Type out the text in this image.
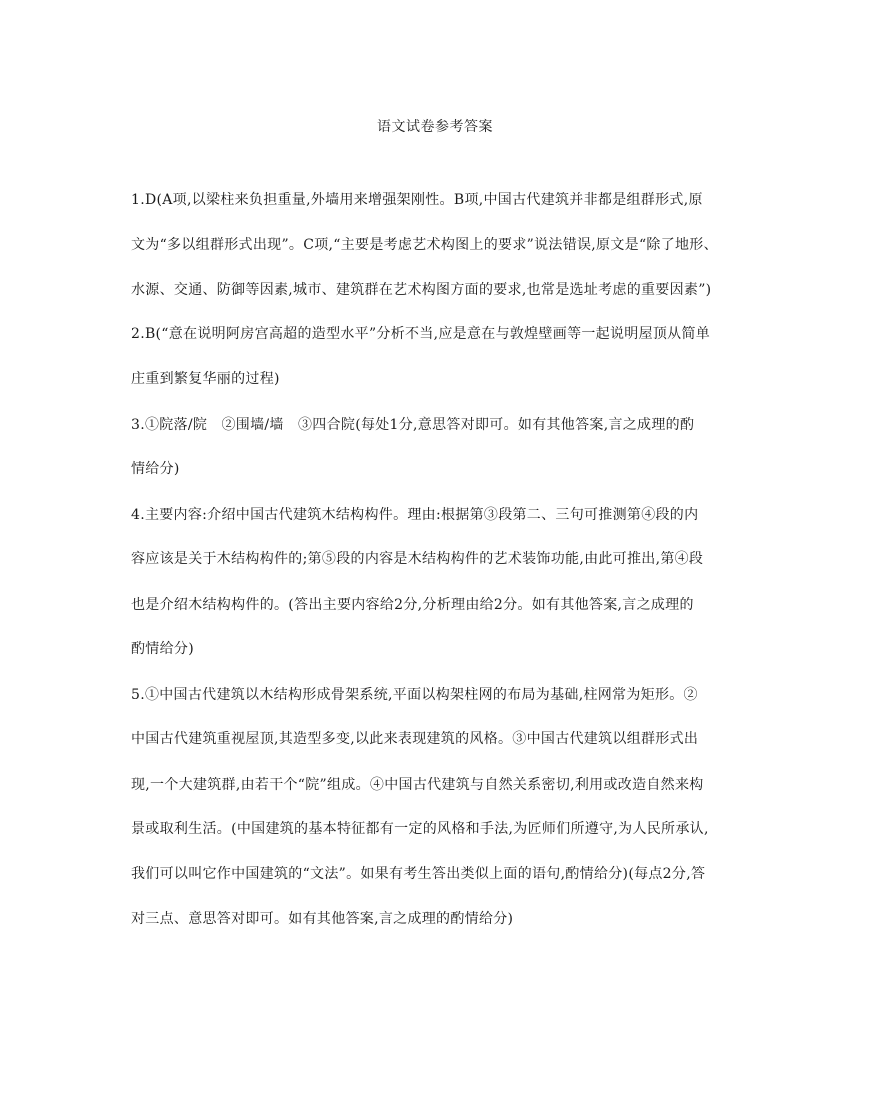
语文试卷参考答案
1.D(A项,以梁柱来负担重量,外墙用来增强架刚性。B项,中国古代建筑并非都是组群形式,原
文为“多以组群形式出现”。C项,“主要是考虑艺术构图上的要求”说法错误,原文是“除了地形、
水源、交通、防御等因素,城市、建筑群在艺术构图方面的要求,也常是选址考虑的重要因素”)
2.B(“意在说明阿房宫高超的造型水平”分析不当,应是意在与敦煌壁画等一起说明屋顶从简单
庄重到繁复华丽的过程)
3.①院落/院　②围墙/墙　③四合院(每处1分,意思答对即可。如有其他答案,言之成理的酌
情给分)
4.主要内容:介绍中国古代建筑木结构构件。理由:根据第③段第二、三句可推测第④段的内
容应该是关于木结构构件的;第⑤段的内容是木结构构件的艺术装饰功能,由此可推出,第④段
也是介绍木结构构件的。(答出主要内容给2分,分析理由给2分。如有其他答案,言之成理的
酌情给分)
5.①中国古代建筑以木结构形成骨架系统,平面以构架柱网的布局为基础,柱网常为矩形。②
中国古代建筑重视屋顶,其造型多变,以此来表现建筑的风格。③中国古代建筑以组群形式出
现,一个大建筑群,由若干个“院”组成。④中国古代建筑与自然关系密切,利用或改造自然来构
景或取利生活。(中国建筑的基本特征都有一定的风格和手法,为匠师们所遵守,为人民所承认,
我们可以叫它作中国建筑的“文法”。如果有考生答出类似上面的语句,酌情给分)(每点2分,答
对三点、意思答对即可。如有其他答案,言之成理的酌情给分)
